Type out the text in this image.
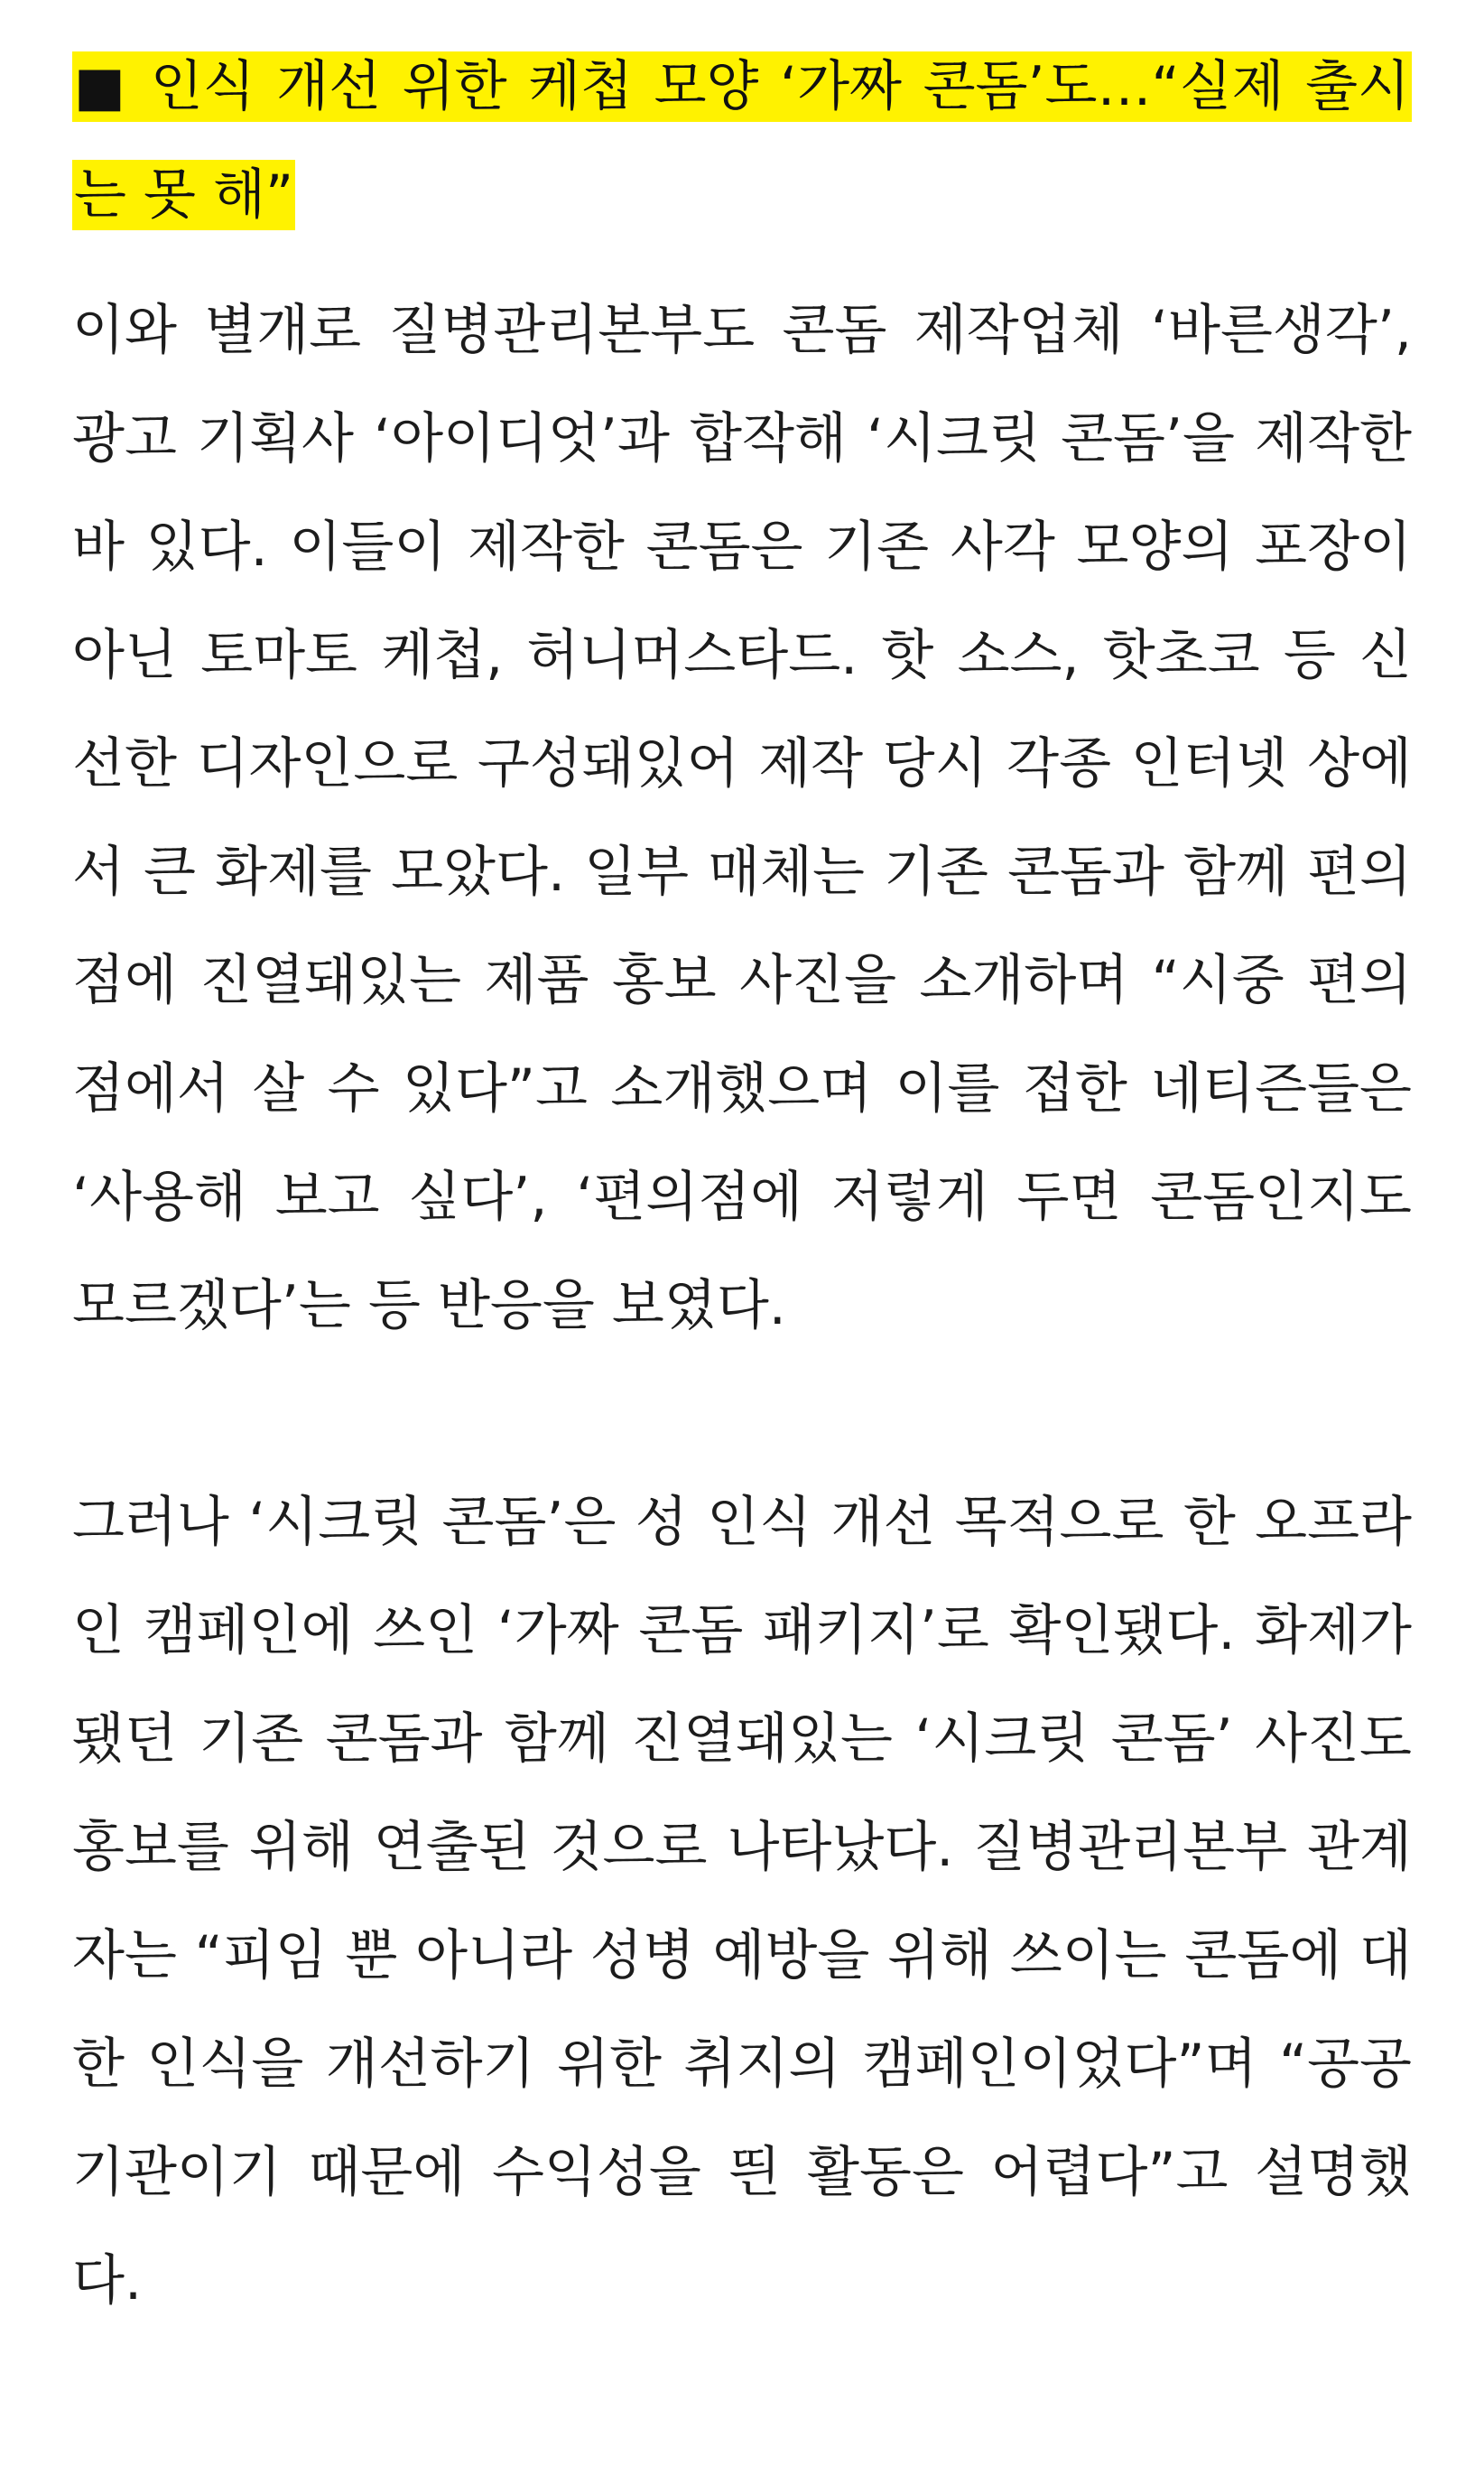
■ 인식 개선 위한 케첩 모양 ‘가짜 콘돔’도…“실제 출시는 못 해”

이와 별개로 질병관리본부도 콘돔 제작업체 ‘바른생각’, 광고 기획사 ‘아이디엇’과 합작해 ‘시크릿 콘돔’을 제작한 바 있다. 이들이 제작한 콘돔은 기존 사각 모양의 포장이 아닌 토마토 케첩, 허니머스타드. 핫 소스, 핫초코 등 신선한 디자인으로 구성돼있어 제작 당시 각종 인터넷 상에서 큰 화제를 모았다. 일부 매체는 기존 콘돔과 함께 편의점에 진열돼있는 제품 홍보 사진을 소개하며 “시중 편의점에서 살 수 있다”고 소개했으며 이를 접한 네티즌들은 ‘사용해 보고 싶다’, ‘편의점에 저렇게 두면 콘돔인지도 모르겠다’는 등 반응을 보였다.

그러나 ‘시크릿 콘돔’은 성 인식 개선 목적으로 한 오프라인 캠페인에 쓰인 ‘가짜 콘돔 패키지’로 확인됐다. 화제가 됐던 기존 콘돔과 함께 진열돼있는 ‘시크릿 콘돔’ 사진도 홍보를 위해 연출된 것으로 나타났다. 질병관리본부 관계자는 “피임 뿐 아니라 성병 예방을 위해 쓰이는 콘돔에 대한 인식을 개선하기 위한 취지의 캠페인이었다”며 “공공기관이기 때문에 수익성을 띈 활동은 어렵다”고 설명했다.
